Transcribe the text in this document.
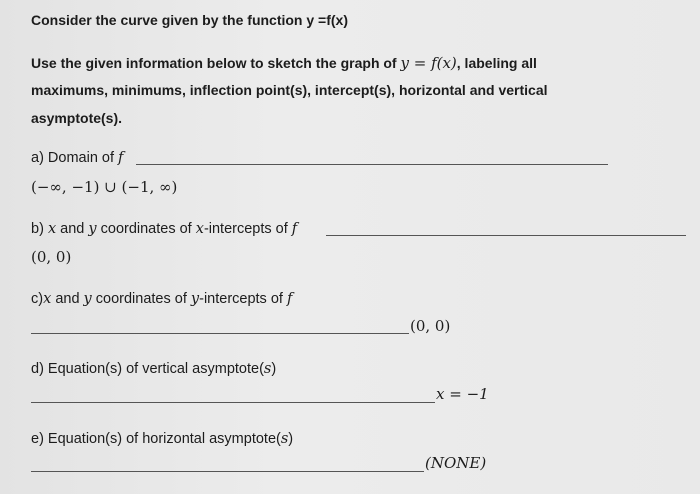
Consider the curve given by the function y =f(x)
Use the given information below to sketch the graph of y = f(x), labeling all
maximums, minimums, inflection point(s), intercept(s), horizontal and vertical
asymptote(s).
a) Domain of f
(−∞, −1) ∪ (−1, ∞)
b) x and y coordinates of x-intercepts of f
(0, 0)
c)x and y coordinates of y-intercepts of f
(0, 0)
d) Equation(s) of vertical asymptote(s)
x = −1
e) Equation(s) of horizontal asymptote(s)
(NONE)
